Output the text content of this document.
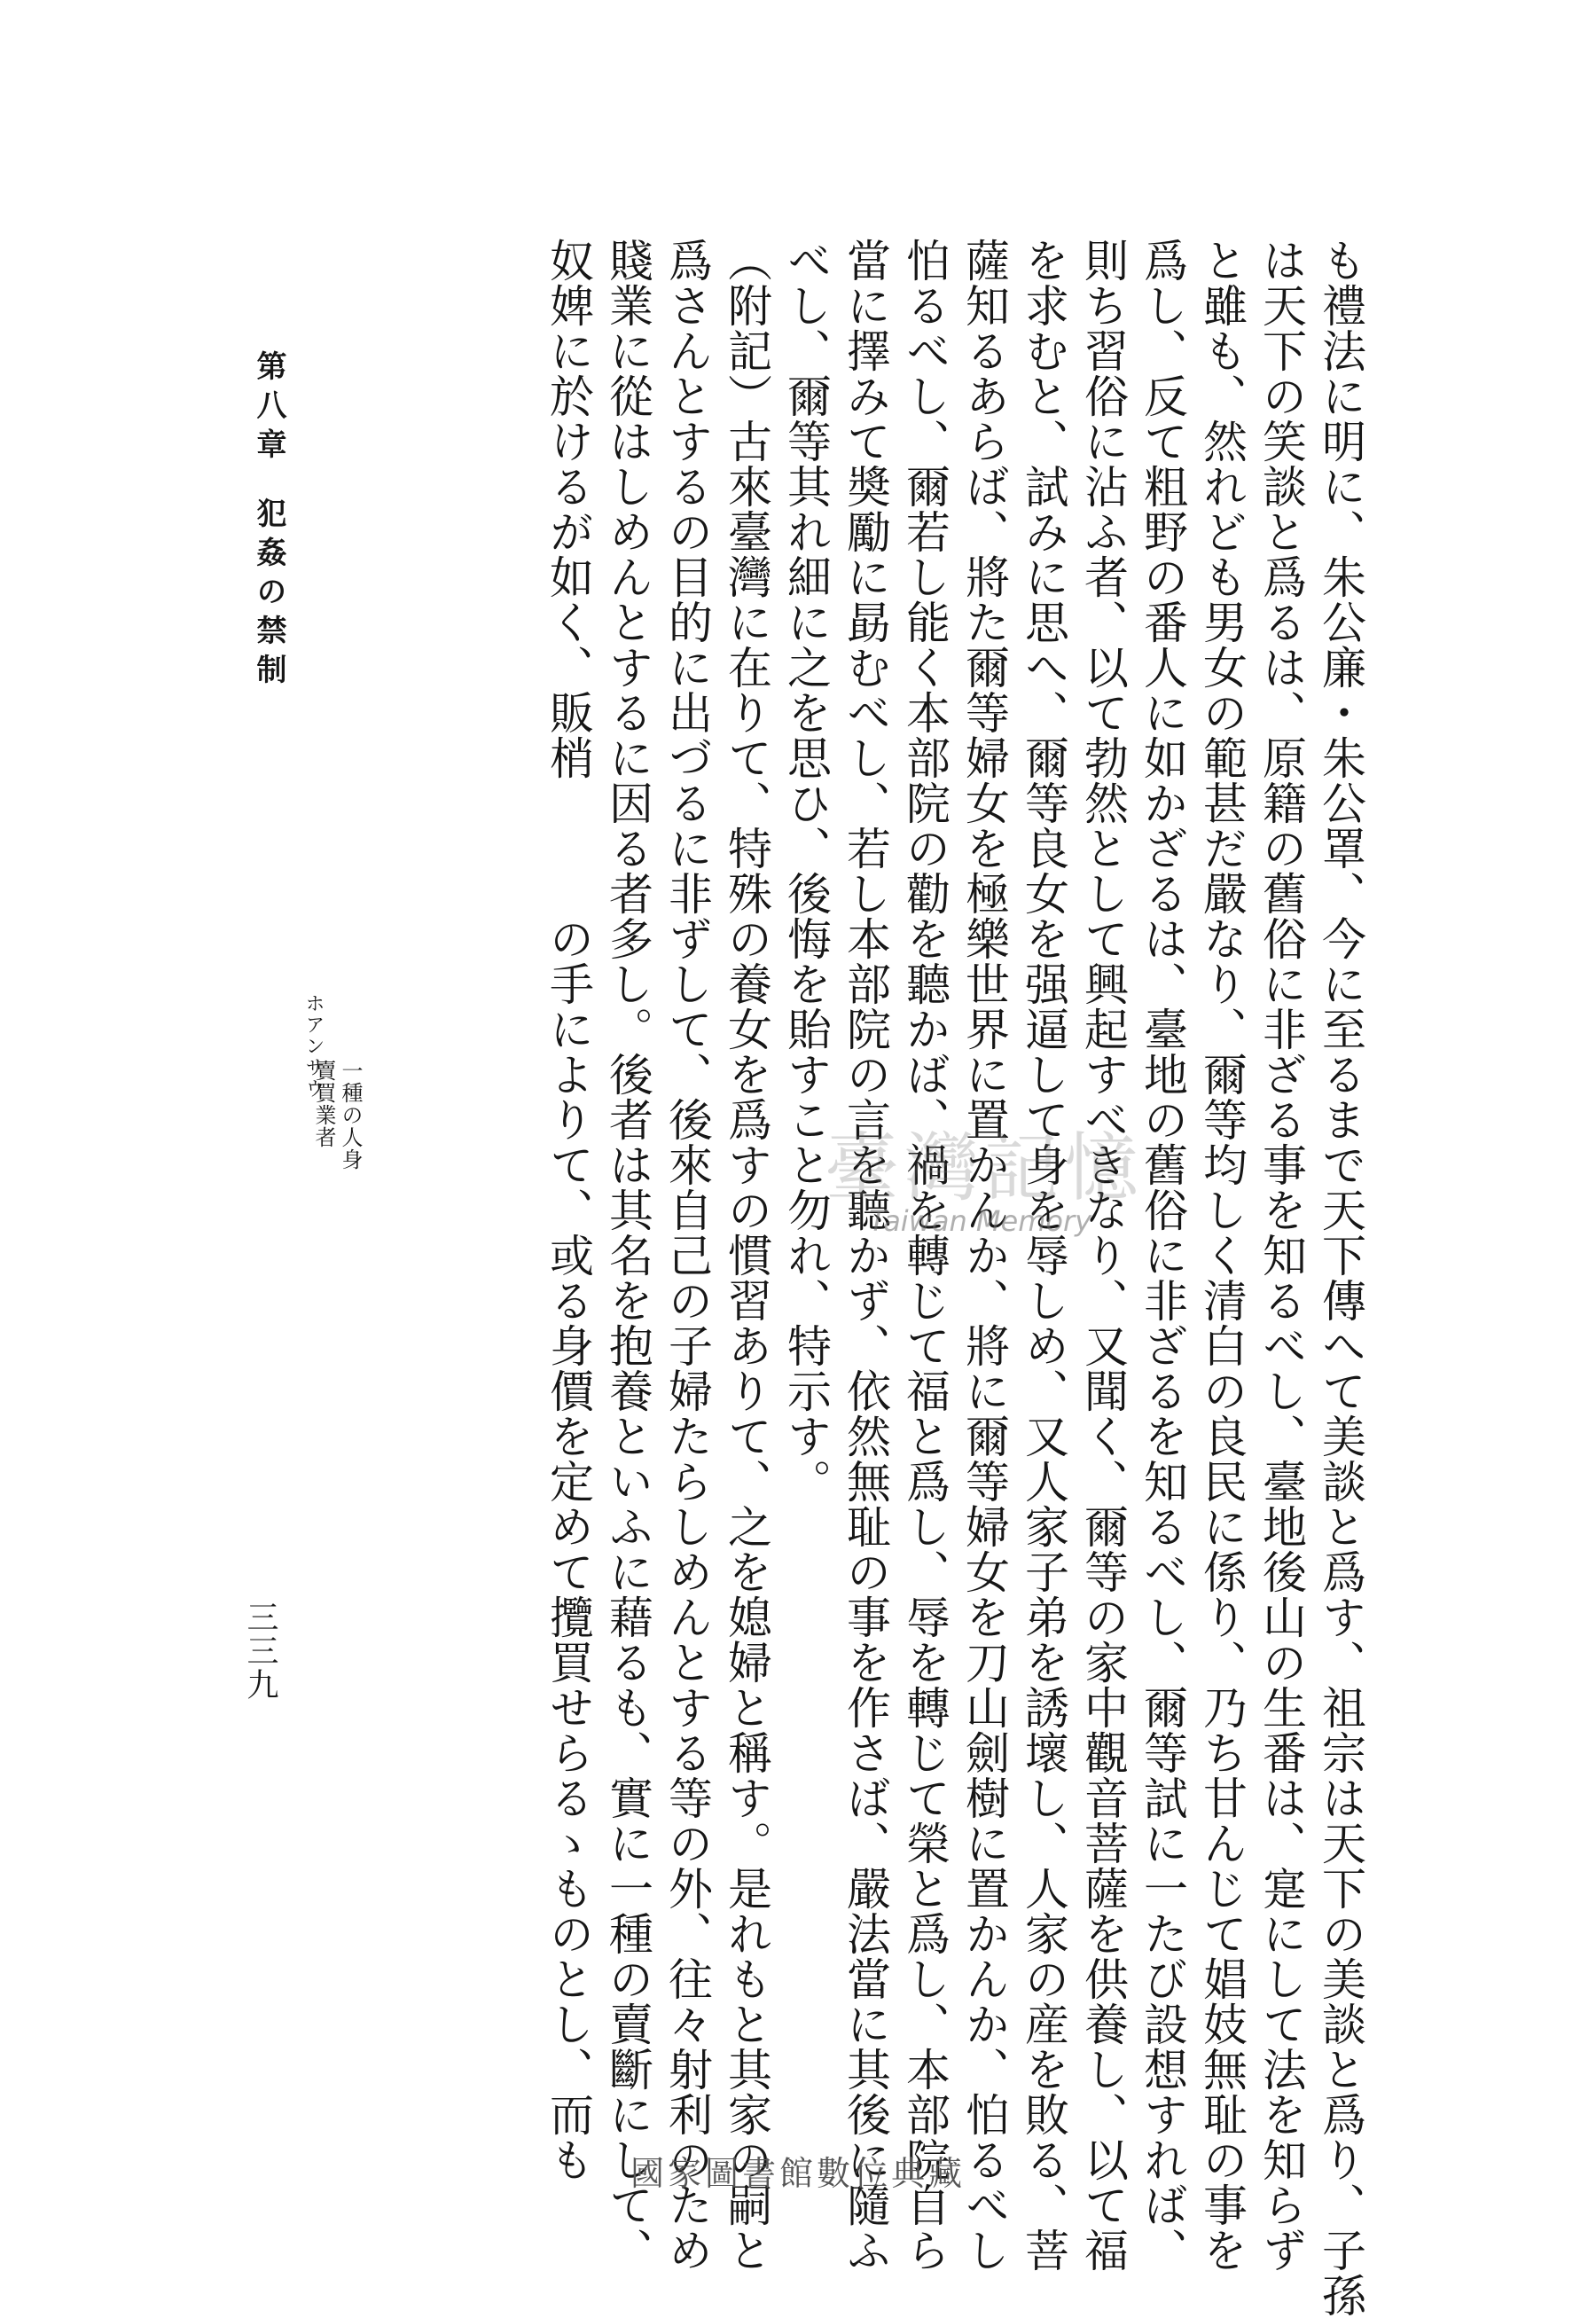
も禮法に明に、朱公廉・朱公罩、今に至るまで天下傳へて美談と爲す、祖宗は天下の美談と爲り、子孫
は天下の笑談と爲るは、原籍の舊俗に非ざる事を知るべし、臺地後山の生番は、寔にして法を知らず
と雖も、然れども男女の範甚だ嚴なり、爾等均しく清白の良民に係り、乃ち甘んじて娼妓無耻の事を
爲し、反て粗野の番人に如かざるは、臺地の舊俗に非ざるを知るべし、爾等試に一たび設想すれば、
則ち習俗に沾ふ者、以て勃然として興起すべきなり、又聞く、爾等の家中觀音菩薩を供養し、以て福
を求むと、試みに思へ、爾等良女を强逼して身を辱しめ、又人家子弟を誘壞し、人家の産を敗る、菩
薩知るあらば、將た爾等婦女を極樂世界に置かんか、將に爾等婦女を刀山劍樹に置かんか、怕るべし
怕るべし、爾若し能く本部院の勸を聽かば、禍を轉じて福と爲し、辱を轉じて榮と爲し、本部院自ら
當に擇みて奬勵に勗むべし、若し本部院の言を聽かず、依然無耻の事を作さば、嚴法當に其後に隨ふ
べし、爾等其れ細に之を思ひ、後悔を貽すこと勿れ、特示す。
（附記）古來臺灣に在りて、特殊の養女を爲すの慣習ありて、之を媳婦と稱す。是れもと其家の嗣と
爲さんとするの目的に出づるに非ずして、後來自己の子婦たらしめんとする等の外、往々射利のため
賤業に從はしめんとするに因る者多し。後者は其名を抱養といふに藉るも、實に一種の賣斷にして、
奴婢に於けるが如く、販梢　　　の手によりて、或る身價を定めて攬買せらるゝものとし、而も
ホアンサウ
一種の人身
賣買業者
第八章犯姦の禁制
三三九
臺灣記憶
Taiwan Memory
國家圖書館數位典藏
